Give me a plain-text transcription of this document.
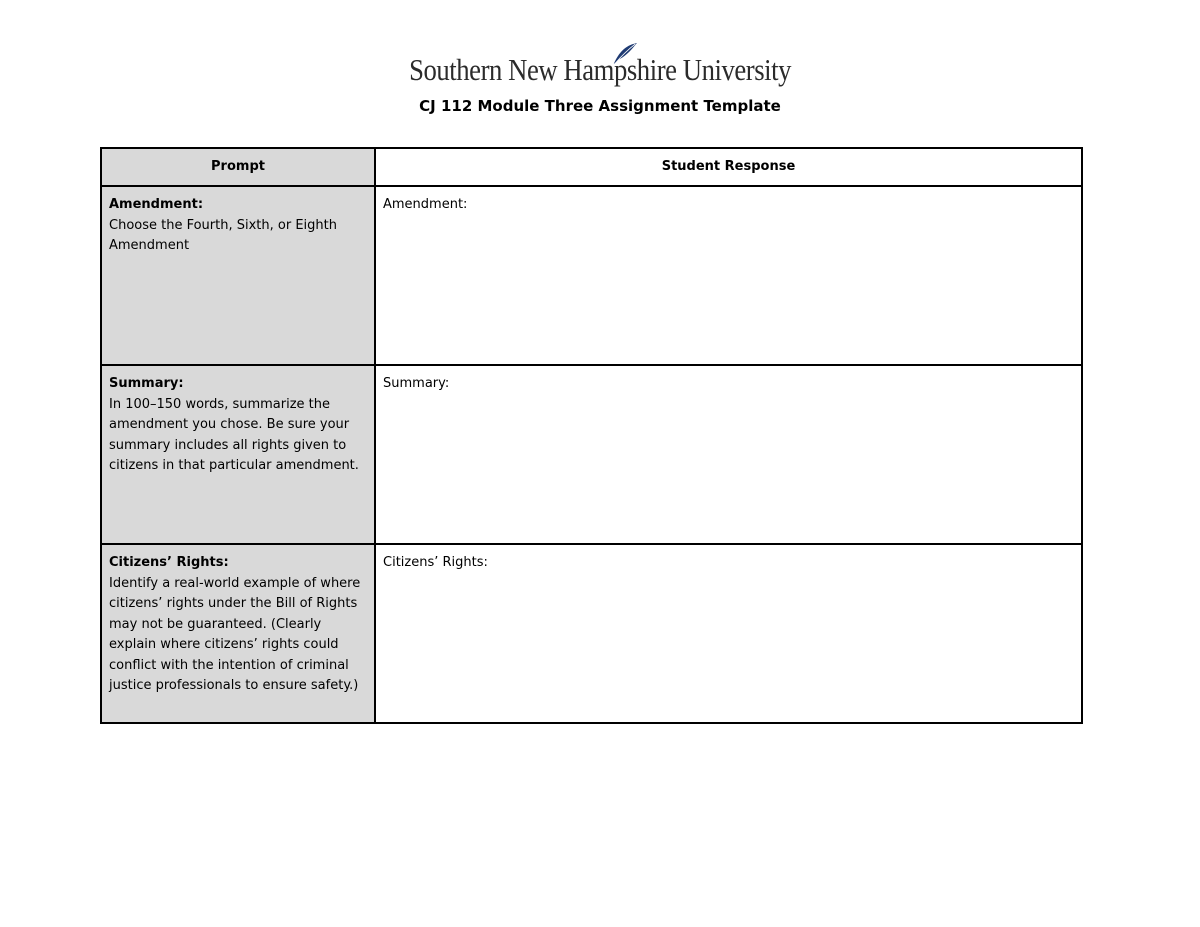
Southern New Hampshire University
CJ 112 Module Three Assignment Template
Prompt	Student Response

Amendment:
Choose the Fourth, Sixth, or Eighth Amendment	Amendment:

Summary:
In 100–150 words, summarize the amendment you chose. Be sure your summary includes all rights given to citizens in that particular amendment.	Summary:

Citizens’ Rights:
Identify a real-world example of where citizens’ rights under the Bill of Rights may not be guaranteed. (Clearly explain where citizens’ rights could conflict with the intention of criminal justice professionals to ensure safety.)	Citizens’ Rights:
